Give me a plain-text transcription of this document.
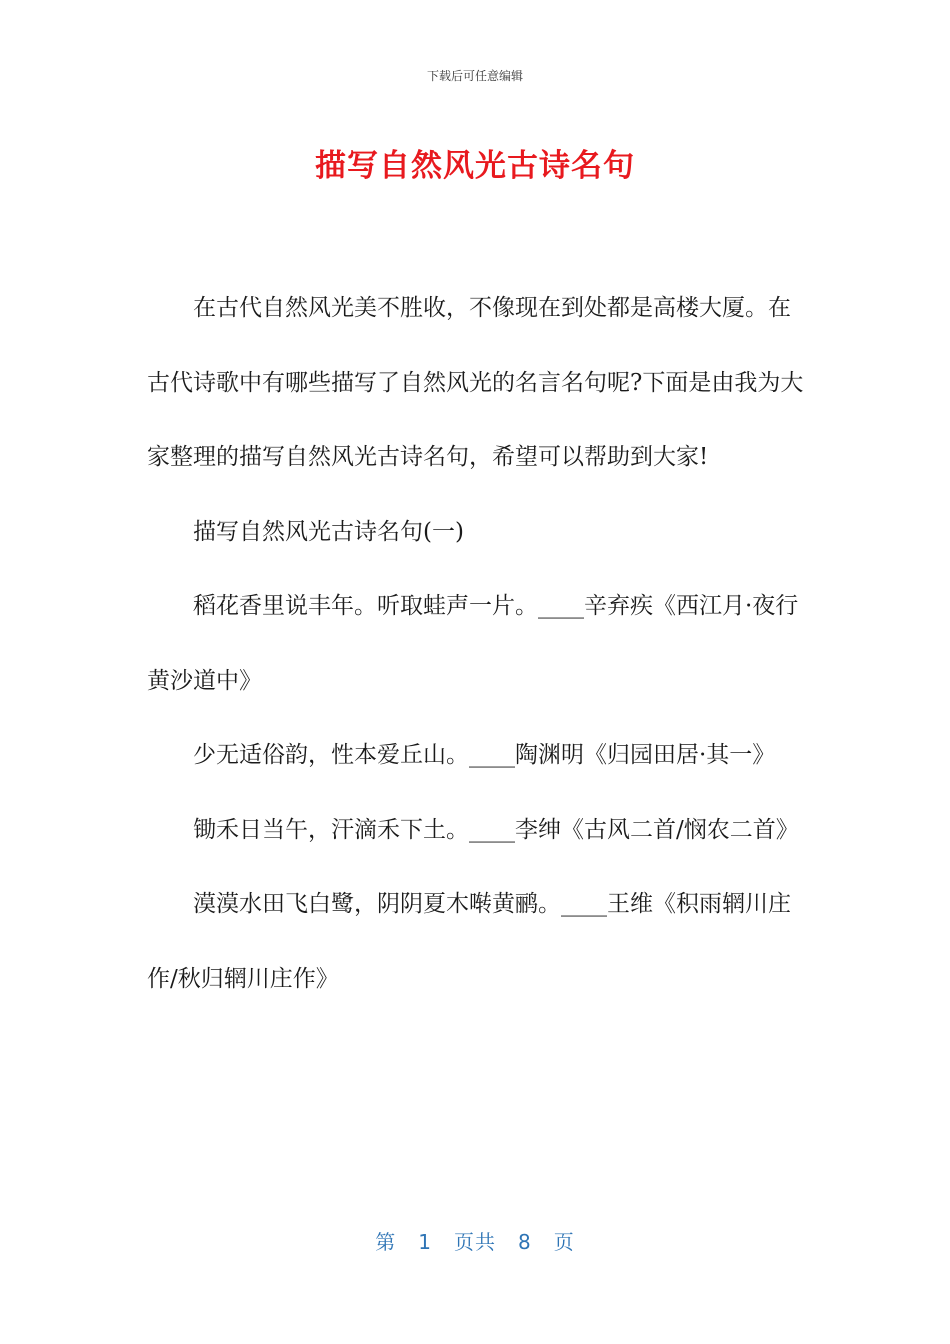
下载后可任意编辑
描写自然风光古诗名句

在古代自然风光美不胜收，不像现在到处都是高楼大厦。在古代诗歌中有哪些描写了自然风光的名言名句呢?下面是由我为大家整理的描写自然风光古诗名句，希望可以帮助到大家!

描写自然风光古诗名句(一)

稻花香里说丰年。听取蛙声一片。____辛弃疾《西江月·夜行黄沙道中》

少无适俗韵，性本爱丘山。____陶渊明《归园田居·其一》

锄禾日当午，汗滴禾下土。____李绅《古风二首/悯农二首》

漠漠水田飞白鹭，阴阴夏木啭黄鹂。____王维《积雨辋川庄作/秋归辋川庄作》

第 1 页共 8 页
